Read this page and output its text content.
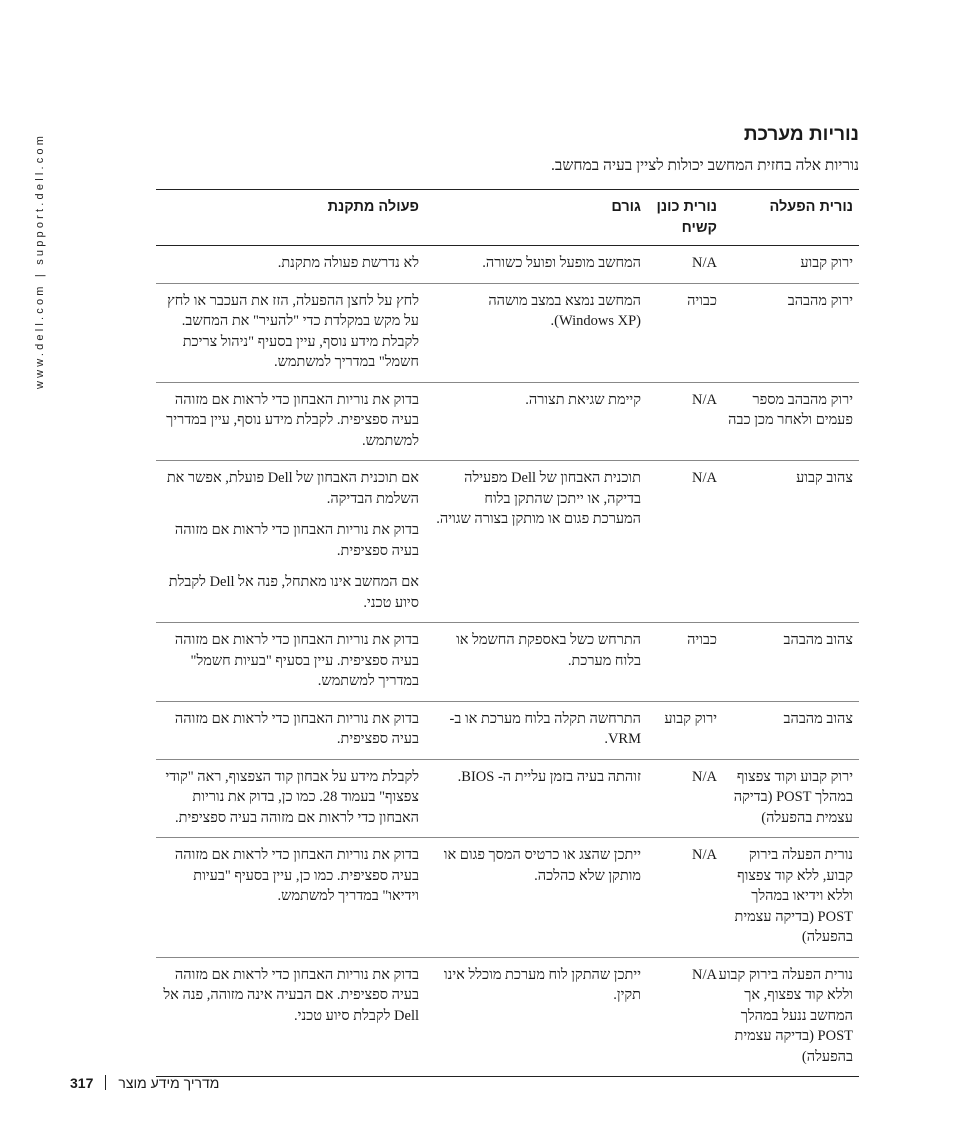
www.dell.com | support.dell.com	נוריות מערכת

נוריות אלה בחזית המחשב יכולות לציין בעיה במחשב.

נורית הפעלה	נורית כונן קשיח	גורם	פעולה מתקנת
ירוק קבוע	N/A	המחשב מופעל ופועל כשורה.	לא נדרשת פעולה מתקנת.

ירוק מהבהב	כבויה	המחשב נמצא במצב מושהה (Windows XP).	לחץ על לחצן ההפעלה, הזז את העכבר או לחץ על מקש במקלדת כדי "להעיר" את המחשב. לקבלת מידע נוסף, עיין בסעיף "ניהול צריכת חשמל" במדריך למשתמש.

ירוק מהבהב מספר פעמים ולאחר מכן כבה	N/A	קיימת שגיאת תצורה.	בדוק את נוריות האבחון כדי לראות אם מזוהה בעיה ספציפית. לקבלת מידע נוסף, עיין במדריך למשתמש.

צהוב קבוע	N/A	תוכנית האבחון של Dell מפעילה בדיקה, או ייתכן שהתקן בלוח המערכת פגום או מותקן בצורה שגויה.	אם תוכנית האבחון של Dell פועלת, אפשר את השלמת הבדיקה.
בדוק את נוריות האבחון כדי לראות אם מזוהה בעיה ספציפית.
אם המחשב אינו מאתחל, פנה אל Dell לקבלת סיוע טכני.

צהוב מהבהב	כבויה	התרחש כשל באספקת החשמל או בלוח מערכת.	בדוק את נוריות האבחון כדי לראות אם מזוהה בעיה ספציפית. עיין בסעיף "בעיות חשמל" במדריך למשתמש.

צהוב מהבהב	ירוק קבוע	התרחשה תקלה בלוח מערכת או ב- VRM.	בדוק את נוריות האבחון כדי לראות אם מזוהה בעיה ספציפית.

ירוק קבוע וקוד צפצוף במהלך POST (בדיקה עצמית בהפעלה)	N/A	זוהתה בעיה בזמן עליית ה- BIOS.	לקבלת מידע על אבחון קוד הצפצוף, ראה "קודי צפצוף" בעמוד 28. כמו כן, בדוק את נוריות האבחון כדי לראות אם מזוהה בעיה ספציפית.

נורית הפעלה בירוק קבוע, ללא קוד צפצוף וללא וידיאו במהלך POST (בדיקה עצמית בהפעלה)	N/A	ייתכן שהצג או כרטיס המסך פגום או מותקן שלא כהלכה.	בדוק את נוריות האבחון כדי לראות אם מזוהה בעיה ספציפית. כמו כן, עיין בסעיף "בעיות וידיאו" במדריך למשתמש.

נורית הפעלה בירוק קבוע וללא קוד צפצוף, אך המחשב ננעל במהלך POST (בדיקה עצמית בהפעלה)	N/A	ייתכן שהתקן לוח מערכת מוכלל אינו תקין.	בדוק את נוריות האבחון כדי לראות אם מזוהה בעיה ספציפית. אם הבעיה אינה מזוהה, פנה אל Dell לקבלת סיוע טכני.
317 מדריך מידע מוצר
